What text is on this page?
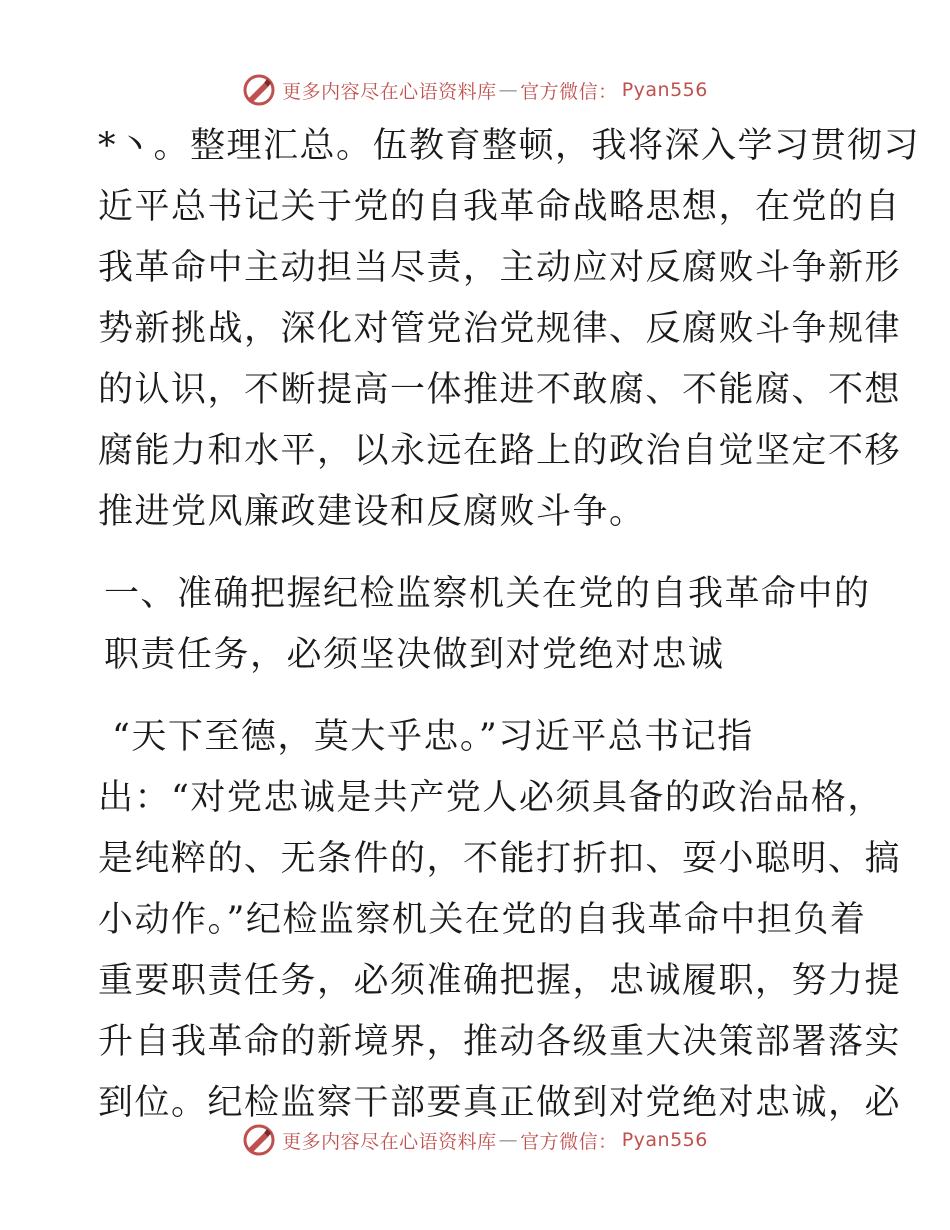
更多内容尽在心语资料库 — 官方微信： Pyan556

*丶。整理汇总。伍教育整顿，我将深入学习贯彻习
近平总书记关于党的自我革命战略思想，在党的自
我革命中主动担当尽责，主动应对反腐败斗争新形
势新挑战，深化对管党治党规律、反腐败斗争规律
的认识，不断提高一体推进不敢腐、不能腐、不想
腐能力和水平，以永远在路上的政治自觉坚定不移
推进党风廉政建设和反腐败斗争。

一、准确把握纪检监察机关在党的自我革命中的
职责任务，必须坚决做到对党绝对忠诚

“天下至德，莫大乎忠。”习近平总书记指
出：“对党忠诚是共产党人必须具备的政治品格，
是纯粹的、无条件的，不能打折扣、耍小聪明、搞
小动作。”纪检监察机关在党的自我革命中担负着
重要职责任务，必须准确把握，忠诚履职，努力提
升自我革命的新境界，推动各级重大决策部署落实
到位。纪检监察干部要真正做到对党绝对忠诚，必

更多内容尽在心语资料库 — 官方微信： Pyan556
